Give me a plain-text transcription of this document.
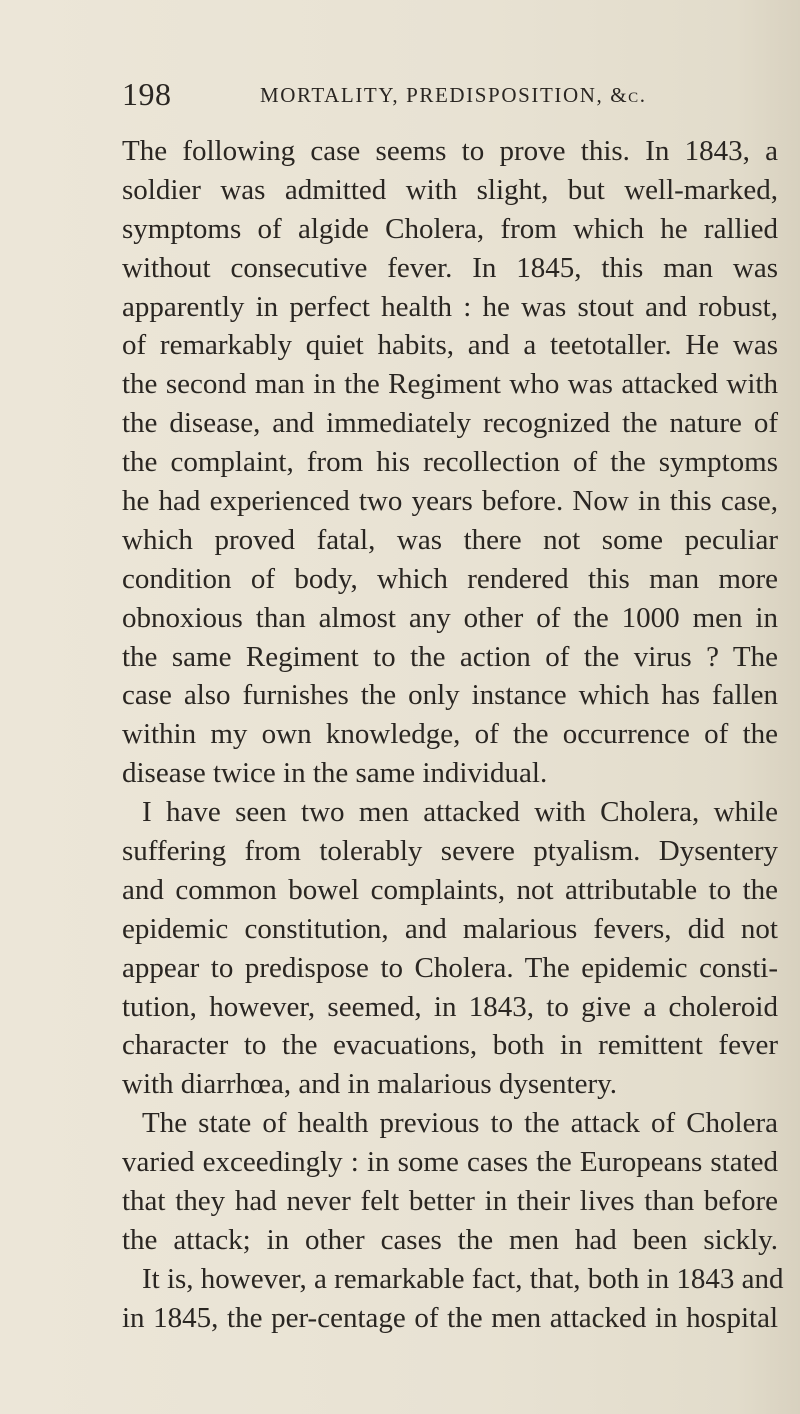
198	MORTALITY, PREDISPOSITION, &c.
The following case seems to prove this. In 1843, a
soldier was admitted with slight, but well-marked,
symptoms of algide Cholera, from which he rallied
without consecutive fever. In 1845, this man was
apparently in perfect health : he was stout and robust,
of remarkably quiet habits, and a teetotaller. He was
the second man in the Regiment who was attacked with
the disease, and immediately recognized the nature of
the complaint, from his recollection of the symptoms
he had experienced two years before. Now in this case,
which proved fatal, was there not some peculiar
condition of body, which rendered this man more
obnoxious than almost any other of the 1000 men in
the same Regiment to the action of the virus ? The
case also furnishes the only instance which has fallen
within my own knowledge, of the occurrence of the
disease twice in the same individual.
I have seen two men attacked with Cholera, while
suffering from tolerably severe ptyalism. Dysentery
and common bowel complaints, not attributable to the
epidemic constitution, and malarious fevers, did not
appear to predispose to Cholera. The epidemic consti-
tution, however, seemed, in 1843, to give a choleroid
character to the evacuations, both in remittent fever
with diarrhœa, and in malarious dysentery.
The state of health previous to the attack of Cholera
varied exceedingly : in some cases the Europeans stated
that they had never felt better in their lives than before
the attack; in other cases the men had been sickly.
It is, however, a remarkable fact, that, both in 1843 and
in 1845, the per-centage of the men attacked in hospital
